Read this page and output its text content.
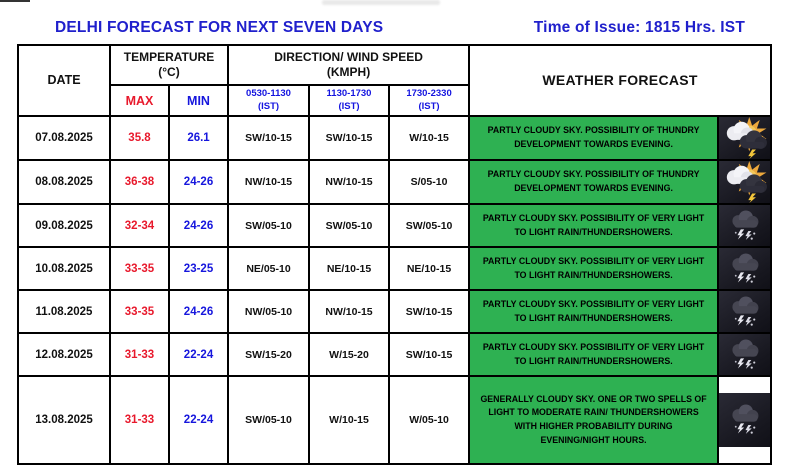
DELHI FORECAST FOR NEXT SEVEN DAYS	Time of Issue: 1815 Hrs. IST
DATE	
TEMPERATURE
(°C)

DIRECTION/ WIND SPEED
(KMPH)	WEATHER FORECAST
MAX	MIN	
0530-1130
(IST)

1130-1730
(IST)

1730-2330
(IST)

07.08.2025	35.8	26.1	SW/10-15	SW/10-15	W/10-15	PARTLY CLOUDY SKY. POSSIBILITY OF THUNDRY DEVELOPMENT TOWARDS EVENING.	

08.08.2025	36-38	24-26	NW/10-15	NW/10-15	S/05-10	PARTLY CLOUDY SKY. POSSIBILITY OF THUNDRY DEVELOPMENT TOWARDS EVENING.	

09.08.2025	32-34	24-26	SW/05-10	SW/05-10	SW/05-10	PARTLY CLOUDY SKY. POSSIBILITY OF VERY LIGHT TO LIGHT RAIN/THUNDERSHOWERS.	

10.08.2025	33-35	23-25	NE/05-10	NE/10-15	NE/10-15	PARTLY CLOUDY SKY. POSSIBILITY OF VERY LIGHT TO LIGHT RAIN/THUNDERSHOWERS.	

11.08.2025	33-35	24-26	NW/05-10	NW/10-15	SW/10-15	PARTLY CLOUDY SKY. POSSIBILITY OF VERY LIGHT TO LIGHT RAIN/THUNDERSHOWERS.	

12.08.2025	31-33	22-24	SW/15-20	W/15-20	SW/10-15	PARTLY CLOUDY SKY. POSSIBILITY OF VERY LIGHT TO LIGHT RAIN/THUNDERSHOWERS.	

13.08.2025	31-33	22-24	SW/05-10	W/10-15	W/05-10	GENERALLY CLOUDY SKY. ONE OR TWO SPELLS OF LIGHT TO MODERATE RAIN/ THUNDERSHOWERS WITH HIGHER PROBABILITY DURING EVENING/NIGHT HOURS.	
